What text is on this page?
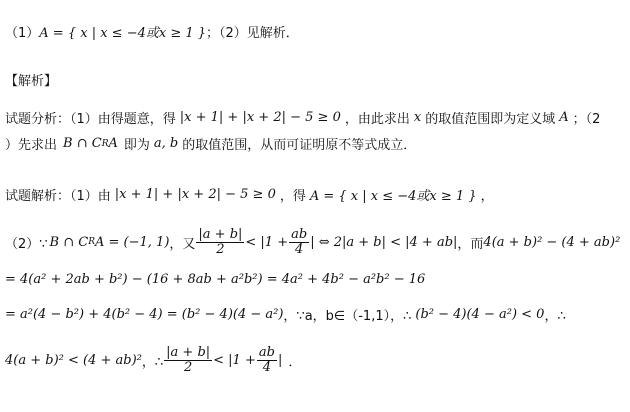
（1） A = { x | x ≤ −4或x ≥ 1 } ；（2）见解析．
【解析】
试题分析：（1）由得题意，得 |x + 1| + |x + 2| − 5 ≥ 0 ，由此求出 x 的取值范围即为定义域 A ；（2
）先求出 B ∩ C R A 即为 a, b 的取值范围，从而可证明原不等式成立．
试题解析：（1）由 |x + 1| + |x + 2| − 5 ≥ 0 ，得 A = { x | x ≤ −4或x ≥ 1 } ，
（2）∵ B ∩ C R A = (−1, 1) ，又 $\frac{|a + b|}{2} < |1 + \frac{ab}{4}$ | ⇔ 2|a + b| < |4 + ab| ，而 4(a + b)² − (4 + ab)²
= 4(a² + 2ab + b²) − (16 + 8ab + a²b²) = 4a² + 4b² − a²b² − 16
= a²(4 − b²) + 4(b² − 4) = (b² − 4)(4 − a²) ，∵a，b∈（-1,1），∴ (b² − 4)(4 − a²) < 0 ，∴
4(a + b)² < (4 + ab)² ，∴ $\frac{|a + b|}{2} < |1 + \frac{ab}{4}$ | ．
